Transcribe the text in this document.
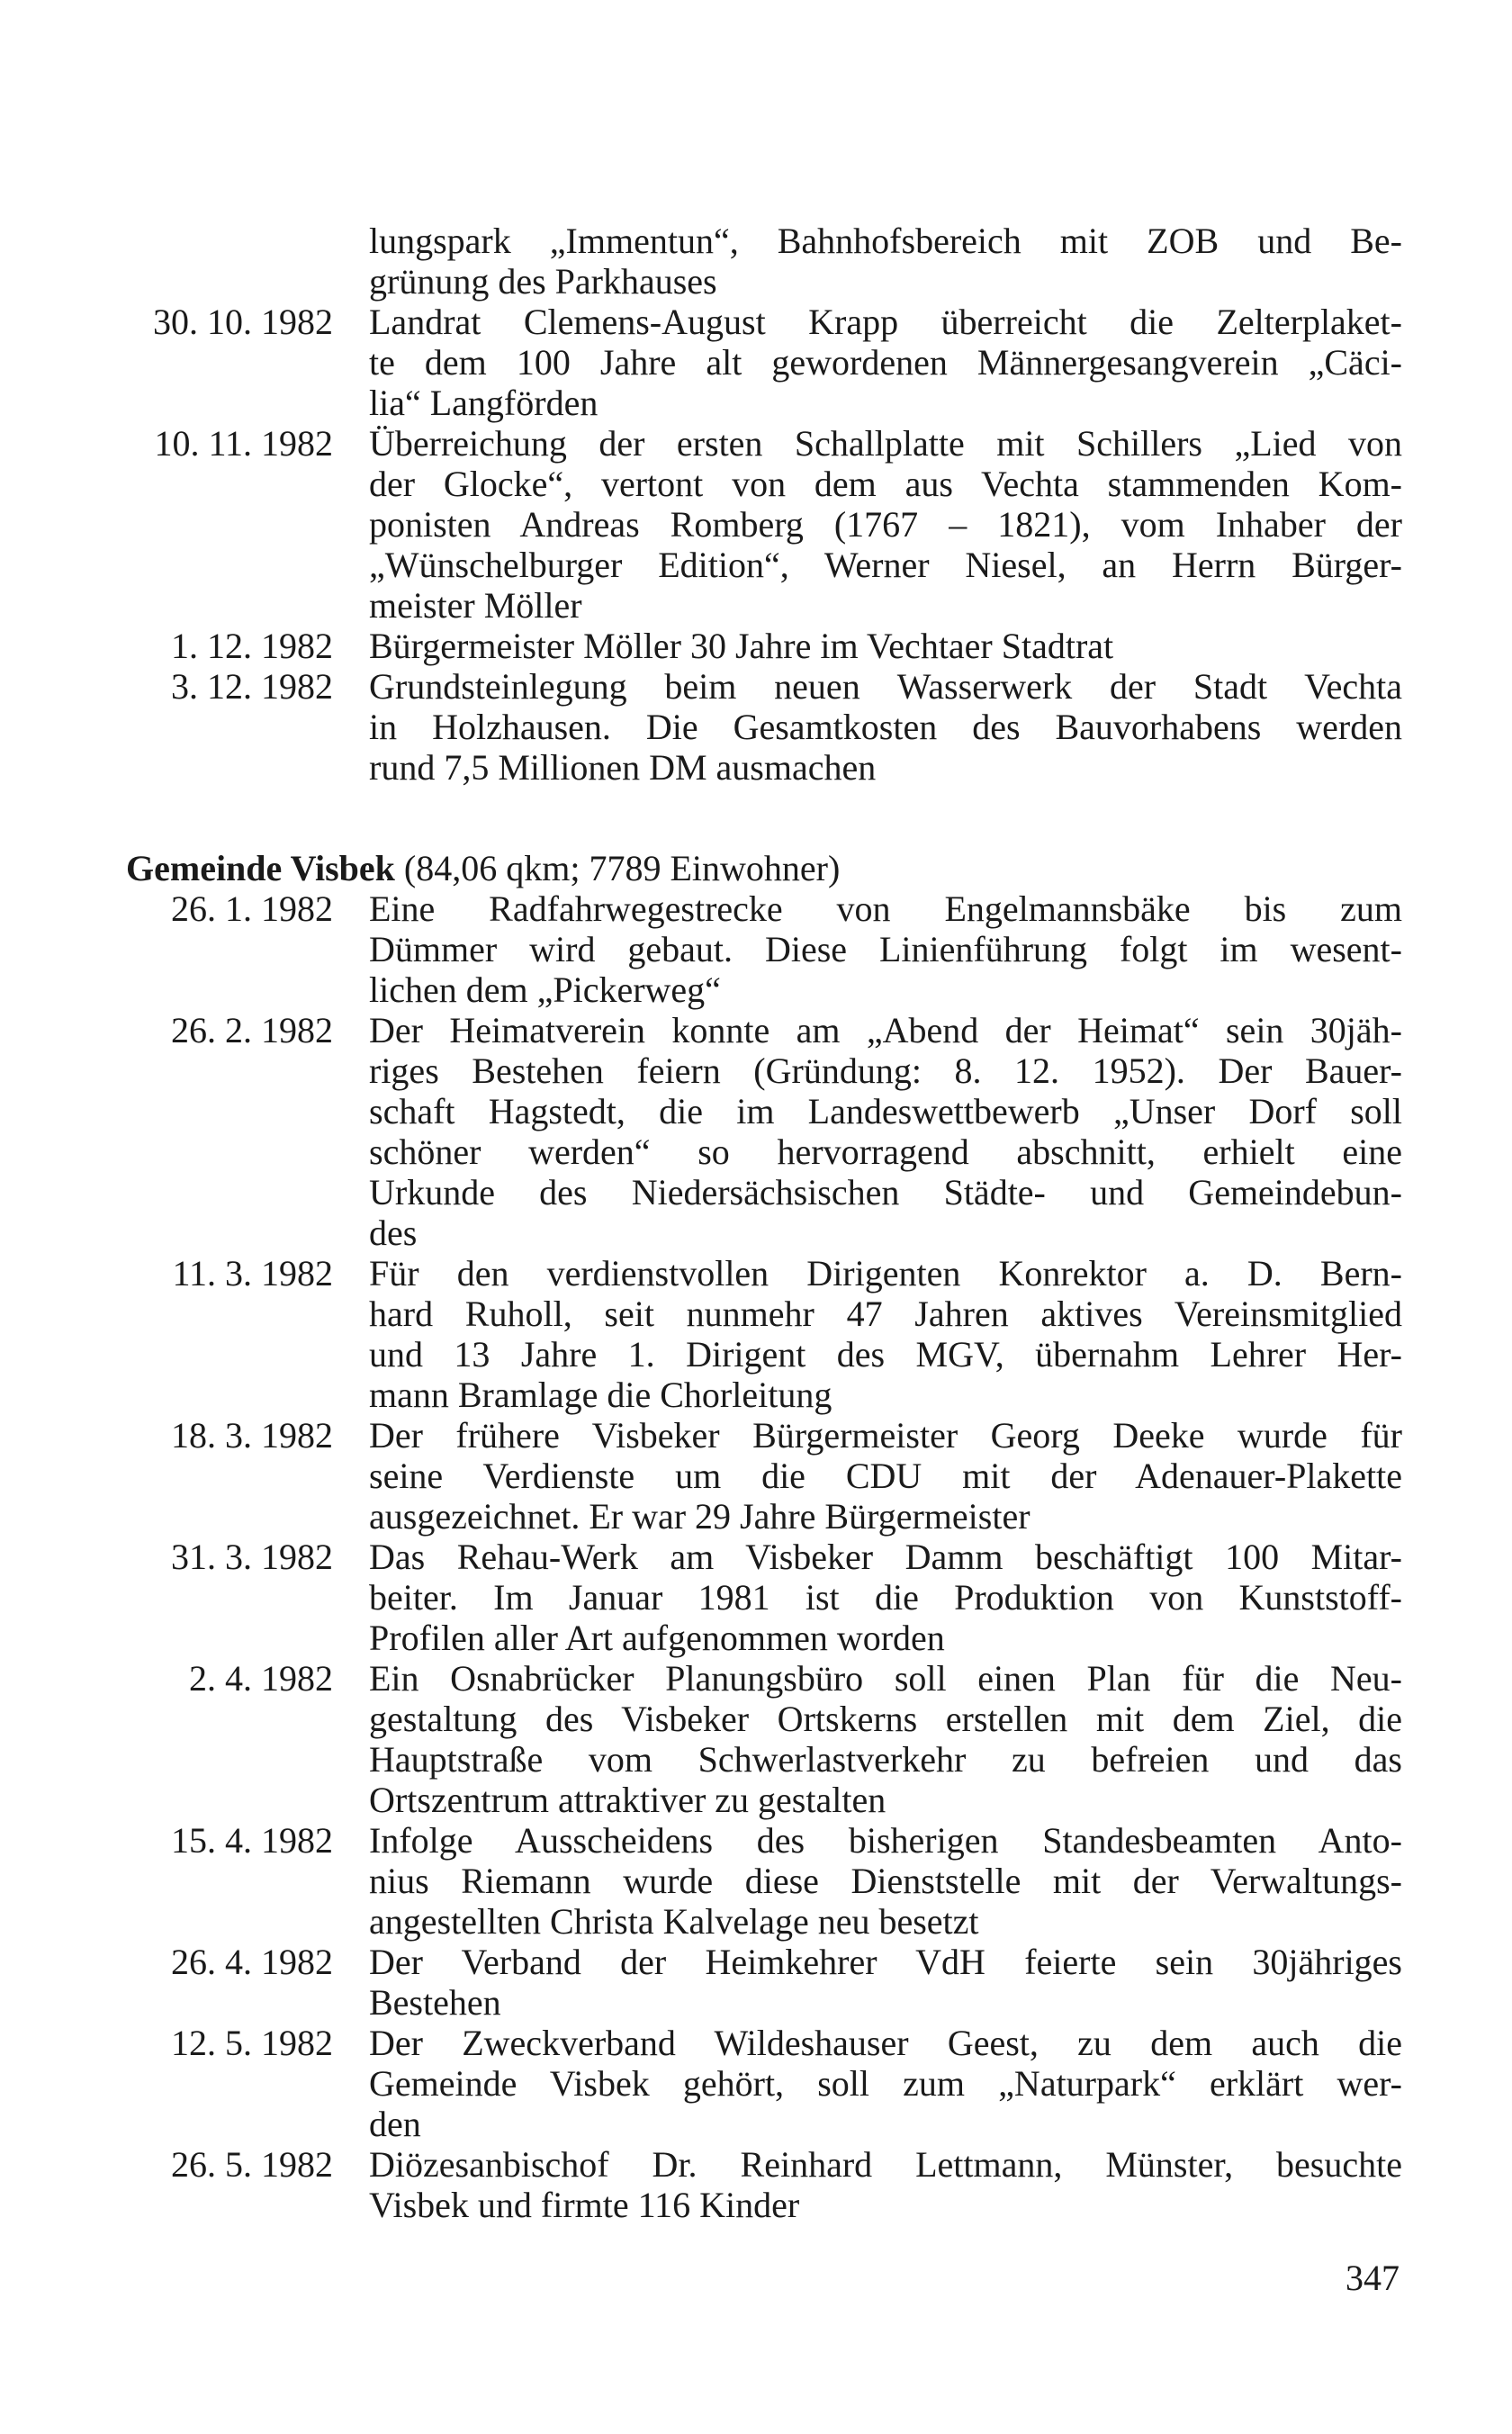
lungspark „Immentun“, Bahnhofsbereich mit ZOB und Be-
grünung des Parkhauses
30. 10. 1982 Landrat Clemens-August Krapp überreicht die Zelterplaket-
te dem 100 Jahre alt gewordenen Männergesangverein „Cäci-
lia“ Langförden
10. 11. 1982 Überreichung der ersten Schallplatte mit Schillers „Lied von
der Glocke“, vertont von dem aus Vechta stammenden Kom-
ponisten Andreas Romberg (1767 – 1821), vom Inhaber der
„Wünschelburger Edition“, Werner Niesel, an Herrn Bürger-
meister Möller
1. 12. 1982 Bürgermeister Möller 30 Jahre im Vechtaer Stadtrat
3. 12. 1982 Grundsteinlegung beim neuen Wasserwerk der Stadt Vechta
in Holzhausen. Die Gesamtkosten des Bauvorhabens werden
rund 7,5 Millionen DM ausmachen
Gemeinde Visbek (84,06 qkm; 7789 Einwohner)
26. 1. 1982 Eine Radfahrwegestrecke von Engelmannsbäke bis zum
Dümmer wird gebaut. Diese Linienführung folgt im wesent-
lichen dem „Pickerweg“
26. 2. 1982 Der Heimatverein konnte am „Abend der Heimat“ sein 30jäh-
riges Bestehen feiern (Gründung: 8. 12. 1952). Der Bauer-
schaft Hagstedt, die im Landeswettbewerb „Unser Dorf soll
schöner werden“ so hervorragend abschnitt, erhielt eine
Urkunde des Niedersächsischen Städte- und Gemeindebun-
des
11. 3. 1982 Für den verdienstvollen Dirigenten Konrektor a. D. Bern-
hard Ruholl, seit nunmehr 47 Jahren aktives Vereinsmitglied
und 13 Jahre 1. Dirigent des MGV, übernahm Lehrer Her-
mann Bramlage die Chorleitung
18. 3. 1982 Der frühere Visbeker Bürgermeister Georg Deeke wurde für
seine Verdienste um die CDU mit der Adenauer-Plakette
ausgezeichnet. Er war 29 Jahre Bürgermeister
31. 3. 1982 Das Rehau-Werk am Visbeker Damm beschäftigt 100 Mitar-
beiter. Im Januar 1981 ist die Produktion von Kunststoff-
Profilen aller Art aufgenommen worden
2. 4. 1982 Ein Osnabrücker Planungsbüro soll einen Plan für die Neu-
gestaltung des Visbeker Ortskerns erstellen mit dem Ziel, die
Hauptstraße vom Schwerlastverkehr zu befreien und das
Ortszentrum attraktiver zu gestalten
15. 4. 1982 Infolge Ausscheidens des bisherigen Standesbeamten Anto-
nius Riemann wurde diese Dienststelle mit der Verwaltungs-
angestellten Christa Kalvelage neu besetzt
26. 4. 1982 Der Verband der Heimkehrer VdH feierte sein 30jähriges
Bestehen
12. 5. 1982 Der Zweckverband Wildeshauser Geest, zu dem auch die
Gemeinde Visbek gehört, soll zum „Naturpark“ erklärt wer-
den
26. 5. 1982 Diözesanbischof Dr. Reinhard Lettmann, Münster, besuchte
Visbek und firmte 116 Kinder
347
